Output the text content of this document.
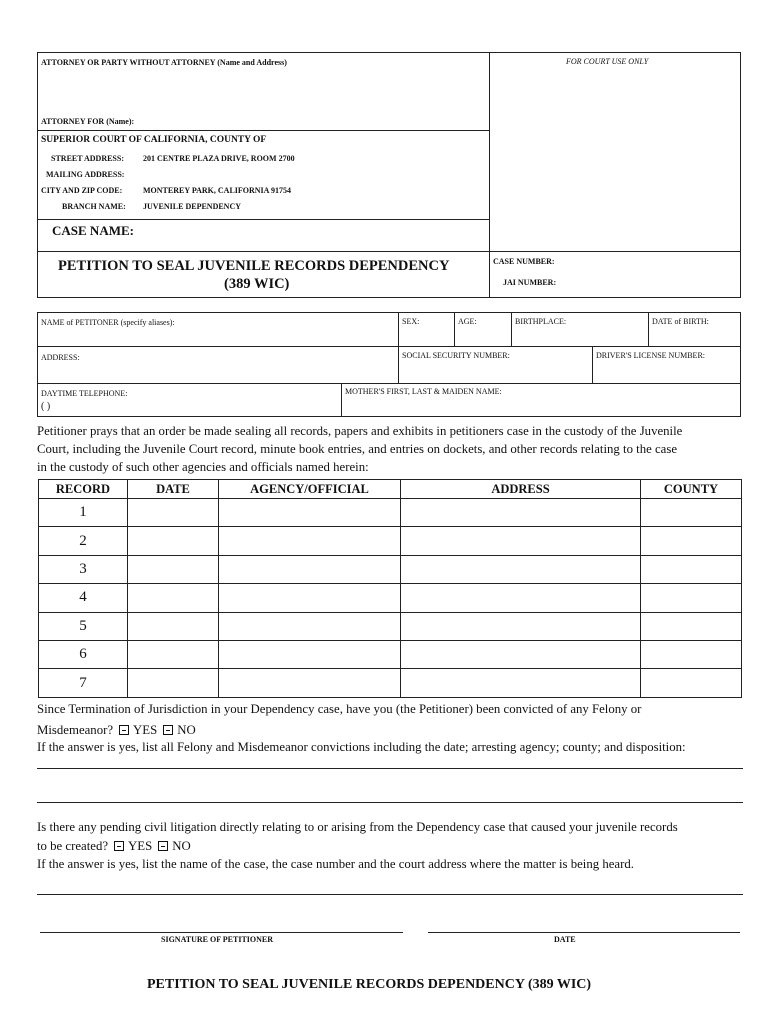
ATTORNEY OR PARTY WITHOUT ATTORNEY (Name and Address)	FOR COURT USE ONLY
ATTORNEY FOR (Name):
SUPERIOR COURT OF CALIFORNIA, COUNTY OF
STREET ADDRESS: 201 CENTRE PLAZA DRIVE, ROOM 2700
MAILING ADDRESS:
CITY AND ZIP CODE:	MONTEREY PARK, CALIFORNIA 91754
BRANCH NAME: JUVENILE DEPENDENCY
CASE NAME:
PETITION TO SEAL JUVENILE RECORDS DEPENDENCY
(389 WIC)
CASE NUMBER:
JAI NUMBER:
NAME of PETITONER (specify aliases):	SEX:	AGE:	BIRTHPLACE:	DATE of BIRTH:
ADDRESS:	SOCIAL SECURITY NUMBER:	DRIVER'S LICENSE NUMBER:
DAYTIME TELEPHONE:
( )
MOTHER'S FIRST, LAST & MAIDEN NAME:
Petitioner prays that an order be made sealing all records, papers and exhibits in petitioners case in the custody of the Juvenile
Court, including the Juvenile Court record, minute book entries, and entries on dockets, and other records relating to the case
in the custody of such other agencies and officials named herein:
RECORD	DATE	AGENCY/OFFICIAL	ADDRESS	COUNTY
1				
2				
3				
4				
5				
6				
7				
Since Termination of Jurisdiction in your Dependency case, have you (the Petitioner) been convicted of any Felony or
Misdemeanor? YES NO
If the answer is yes, list all Felony and Misdemeanor convictions including the date; arresting agency; county; and disposition:
Is there any pending civil litigation directly relating to or arising from the Dependency case that caused your juvenile records
to be created? YES NO
If the answer is yes, list the name of the case, the case number and the court address where the matter is being heard.
SIGNATURE OF PETITIONER	DATE
PETITION TO SEAL JUVENILE RECORDS DEPENDENCY (389 WIC)
